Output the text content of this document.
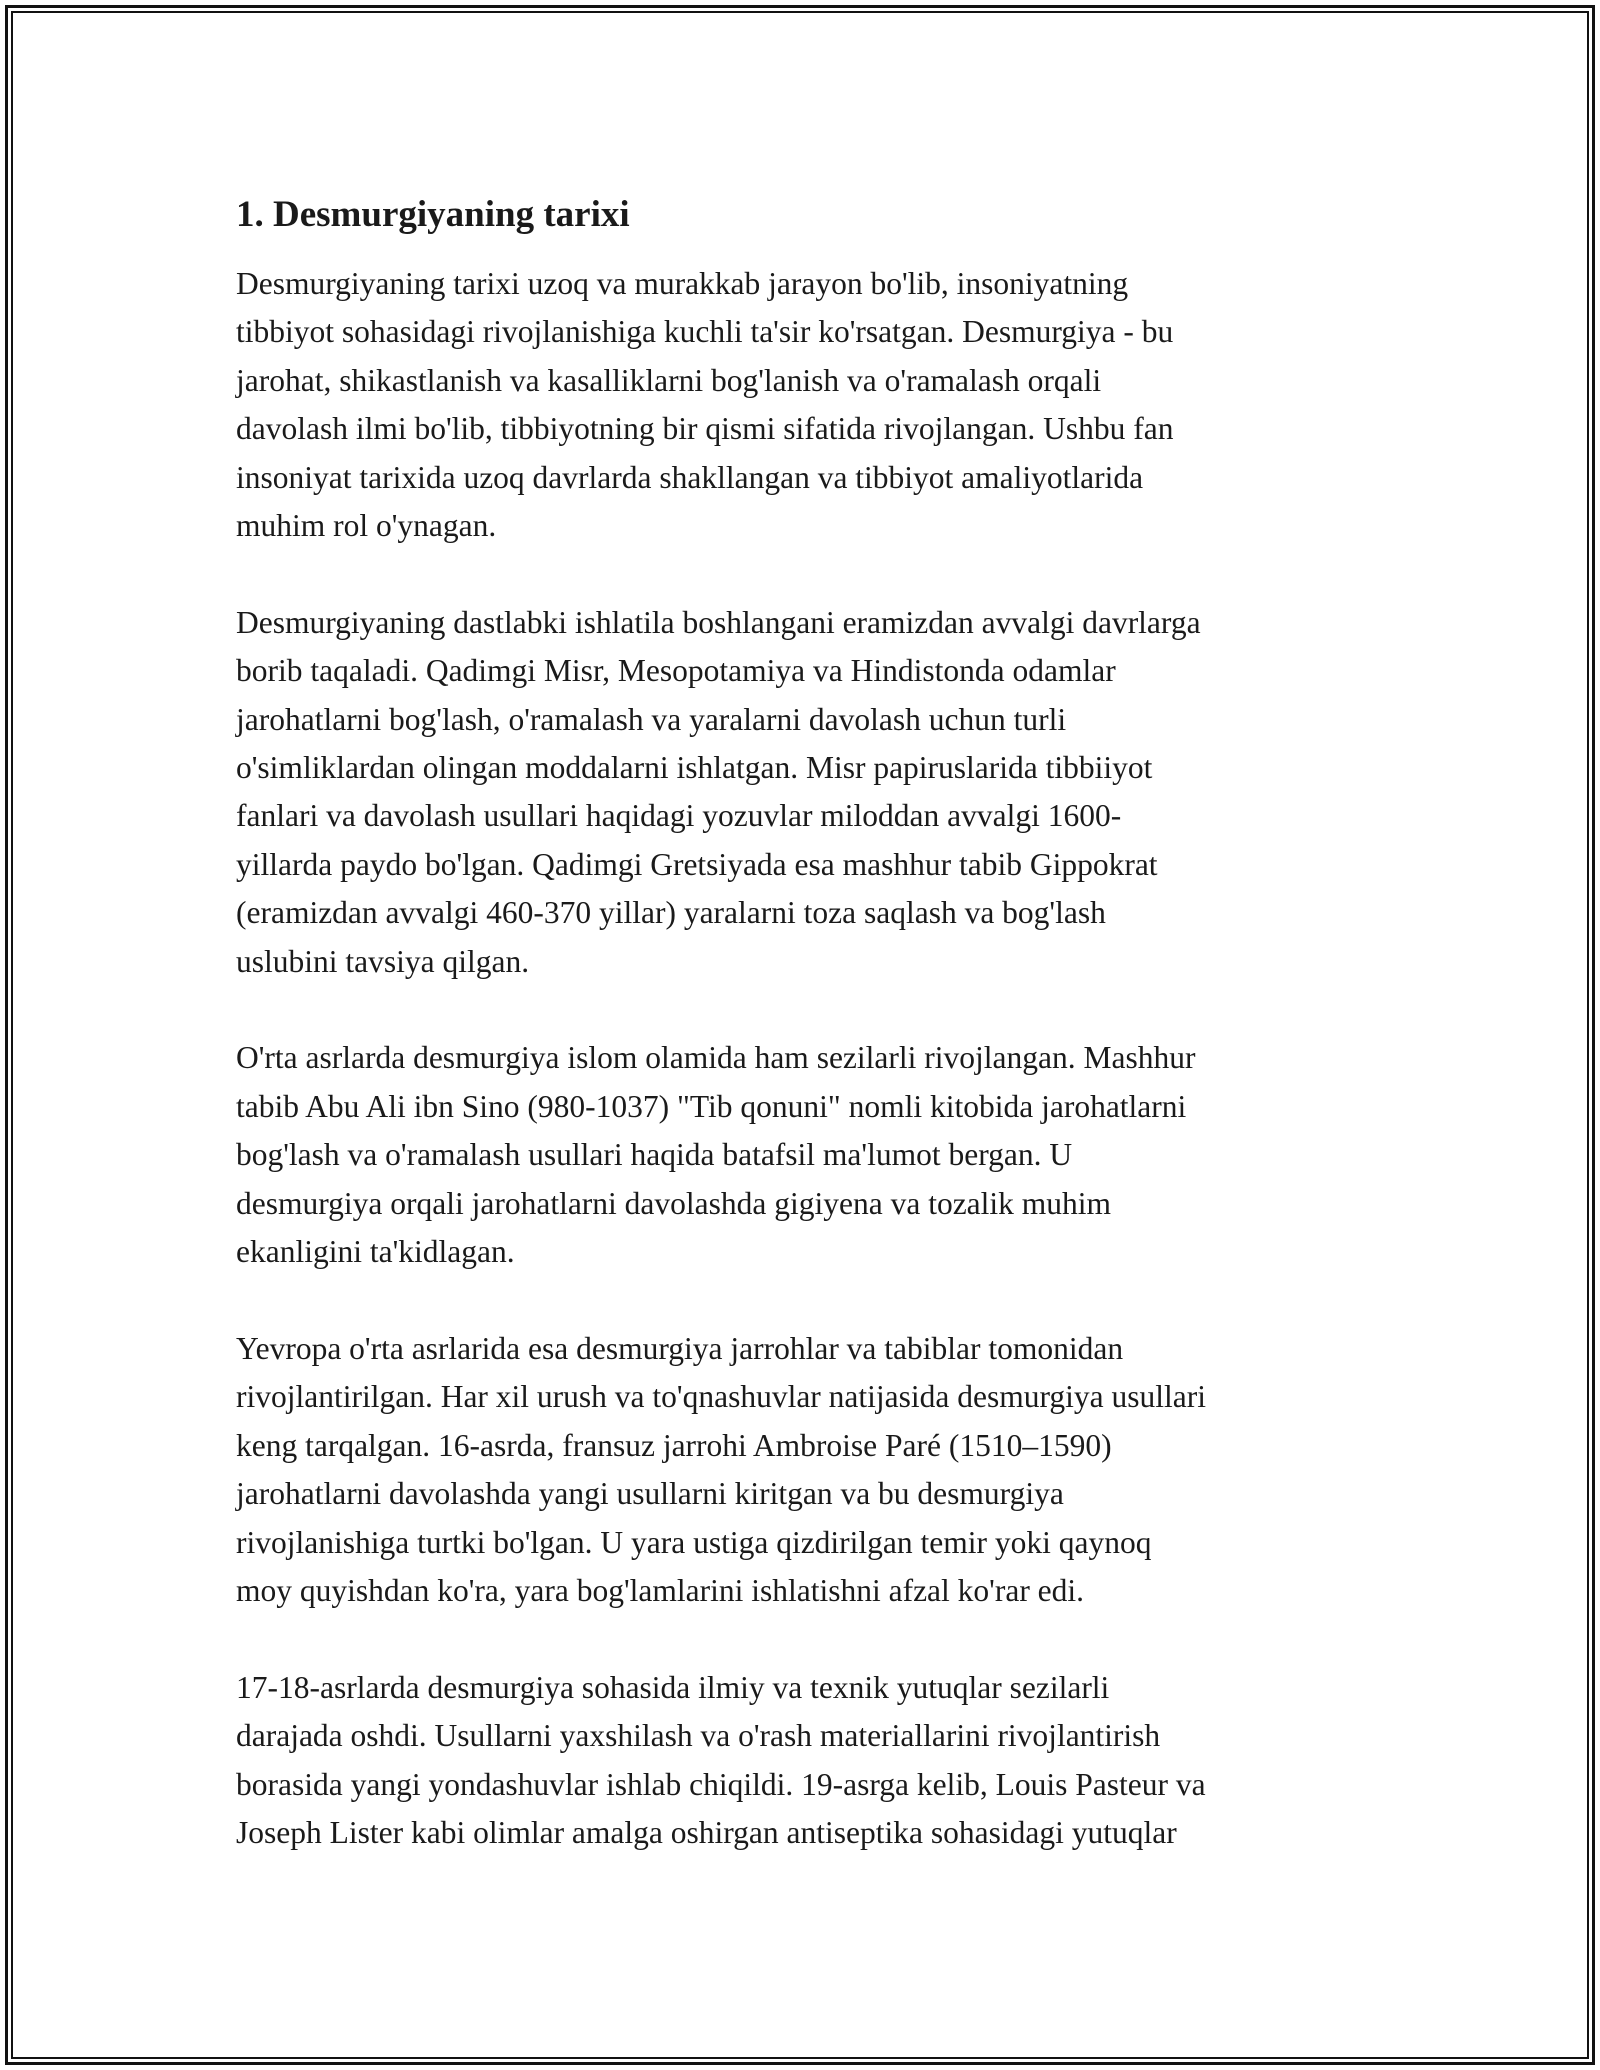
1. Desmurgiyaning tarixi

Desmurgiyaning tarixi uzoq va murakkab jarayon bo'lib, insoniyatning
tibbiyot sohasidagi rivojlanishiga kuchli ta'sir ko'rsatgan. Desmurgiya - bu
jarohat, shikastlanish va kasalliklarni bog'lanish va o'ramalash orqali
davolash ilmi bo'lib, tibbiyotning bir qismi sifatida rivojlangan. Ushbu fan
insoniyat tarixida uzoq davrlarda shakllangan va tibbiyot amaliyotlarida
muhim rol o'ynagan.

Desmurgiyaning dastlabki ishlatila boshlangani eramizdan avvalgi davrlarga
borib taqaladi. Qadimgi Misr, Mesopotamiya va Hindistonda odamlar
jarohatlarni bog'lash, o'ramalash va yaralarni davolash uchun turli
o'simliklardan olingan moddalarni ishlatgan. Misr papiruslarida tibbiiyot
fanlari va davolash usullari haqidagi yozuvlar miloddan avvalgi 1600-
yillarda paydo bo'lgan. Qadimgi Gretsiyada esa mashhur tabib Gippokrat
(eramizdan avvalgi 460-370 yillar) yaralarni toza saqlash va bog'lash
uslubini tavsiya qilgan.

O'rta asrlarda desmurgiya islom olamida ham sezilarli rivojlangan. Mashhur
tabib Abu Ali ibn Sino (980-1037) "Tib qonuni" nomli kitobida jarohatlarni
bog'lash va o'ramalash usullari haqida batafsil ma'lumot bergan. U
desmurgiya orqali jarohatlarni davolashda gigiyena va tozalik muhim
ekanligini ta'kidlagan.

Yevropa o'rta asrlarida esa desmurgiya jarrohlar va tabiblar tomonidan
rivojlantirilgan. Har xil urush va to'qnashuvlar natijasida desmurgiya usullari
keng tarqalgan. 16-asrda, fransuz jarrohi Ambroise Paré (1510–1590)
jarohatlarni davolashda yangi usullarni kiritgan va bu desmurgiya
rivojlanishiga turtki bo'lgan. U yara ustiga qizdirilgan temir yoki qaynoq
moy quyishdan ko'ra, yara bog'lamlarini ishlatishni afzal ko'rar edi.

17-18-asrlarda desmurgiya sohasida ilmiy va texnik yutuqlar sezilarli
darajada oshdi. Usullarni yaxshilash va o'rash materiallarini rivojlantirish
borasida yangi yondashuvlar ishlab chiqildi. 19-asrga kelib, Louis Pasteur va
Joseph Lister kabi olimlar amalga oshirgan antiseptika sohasidagi yutuqlar
